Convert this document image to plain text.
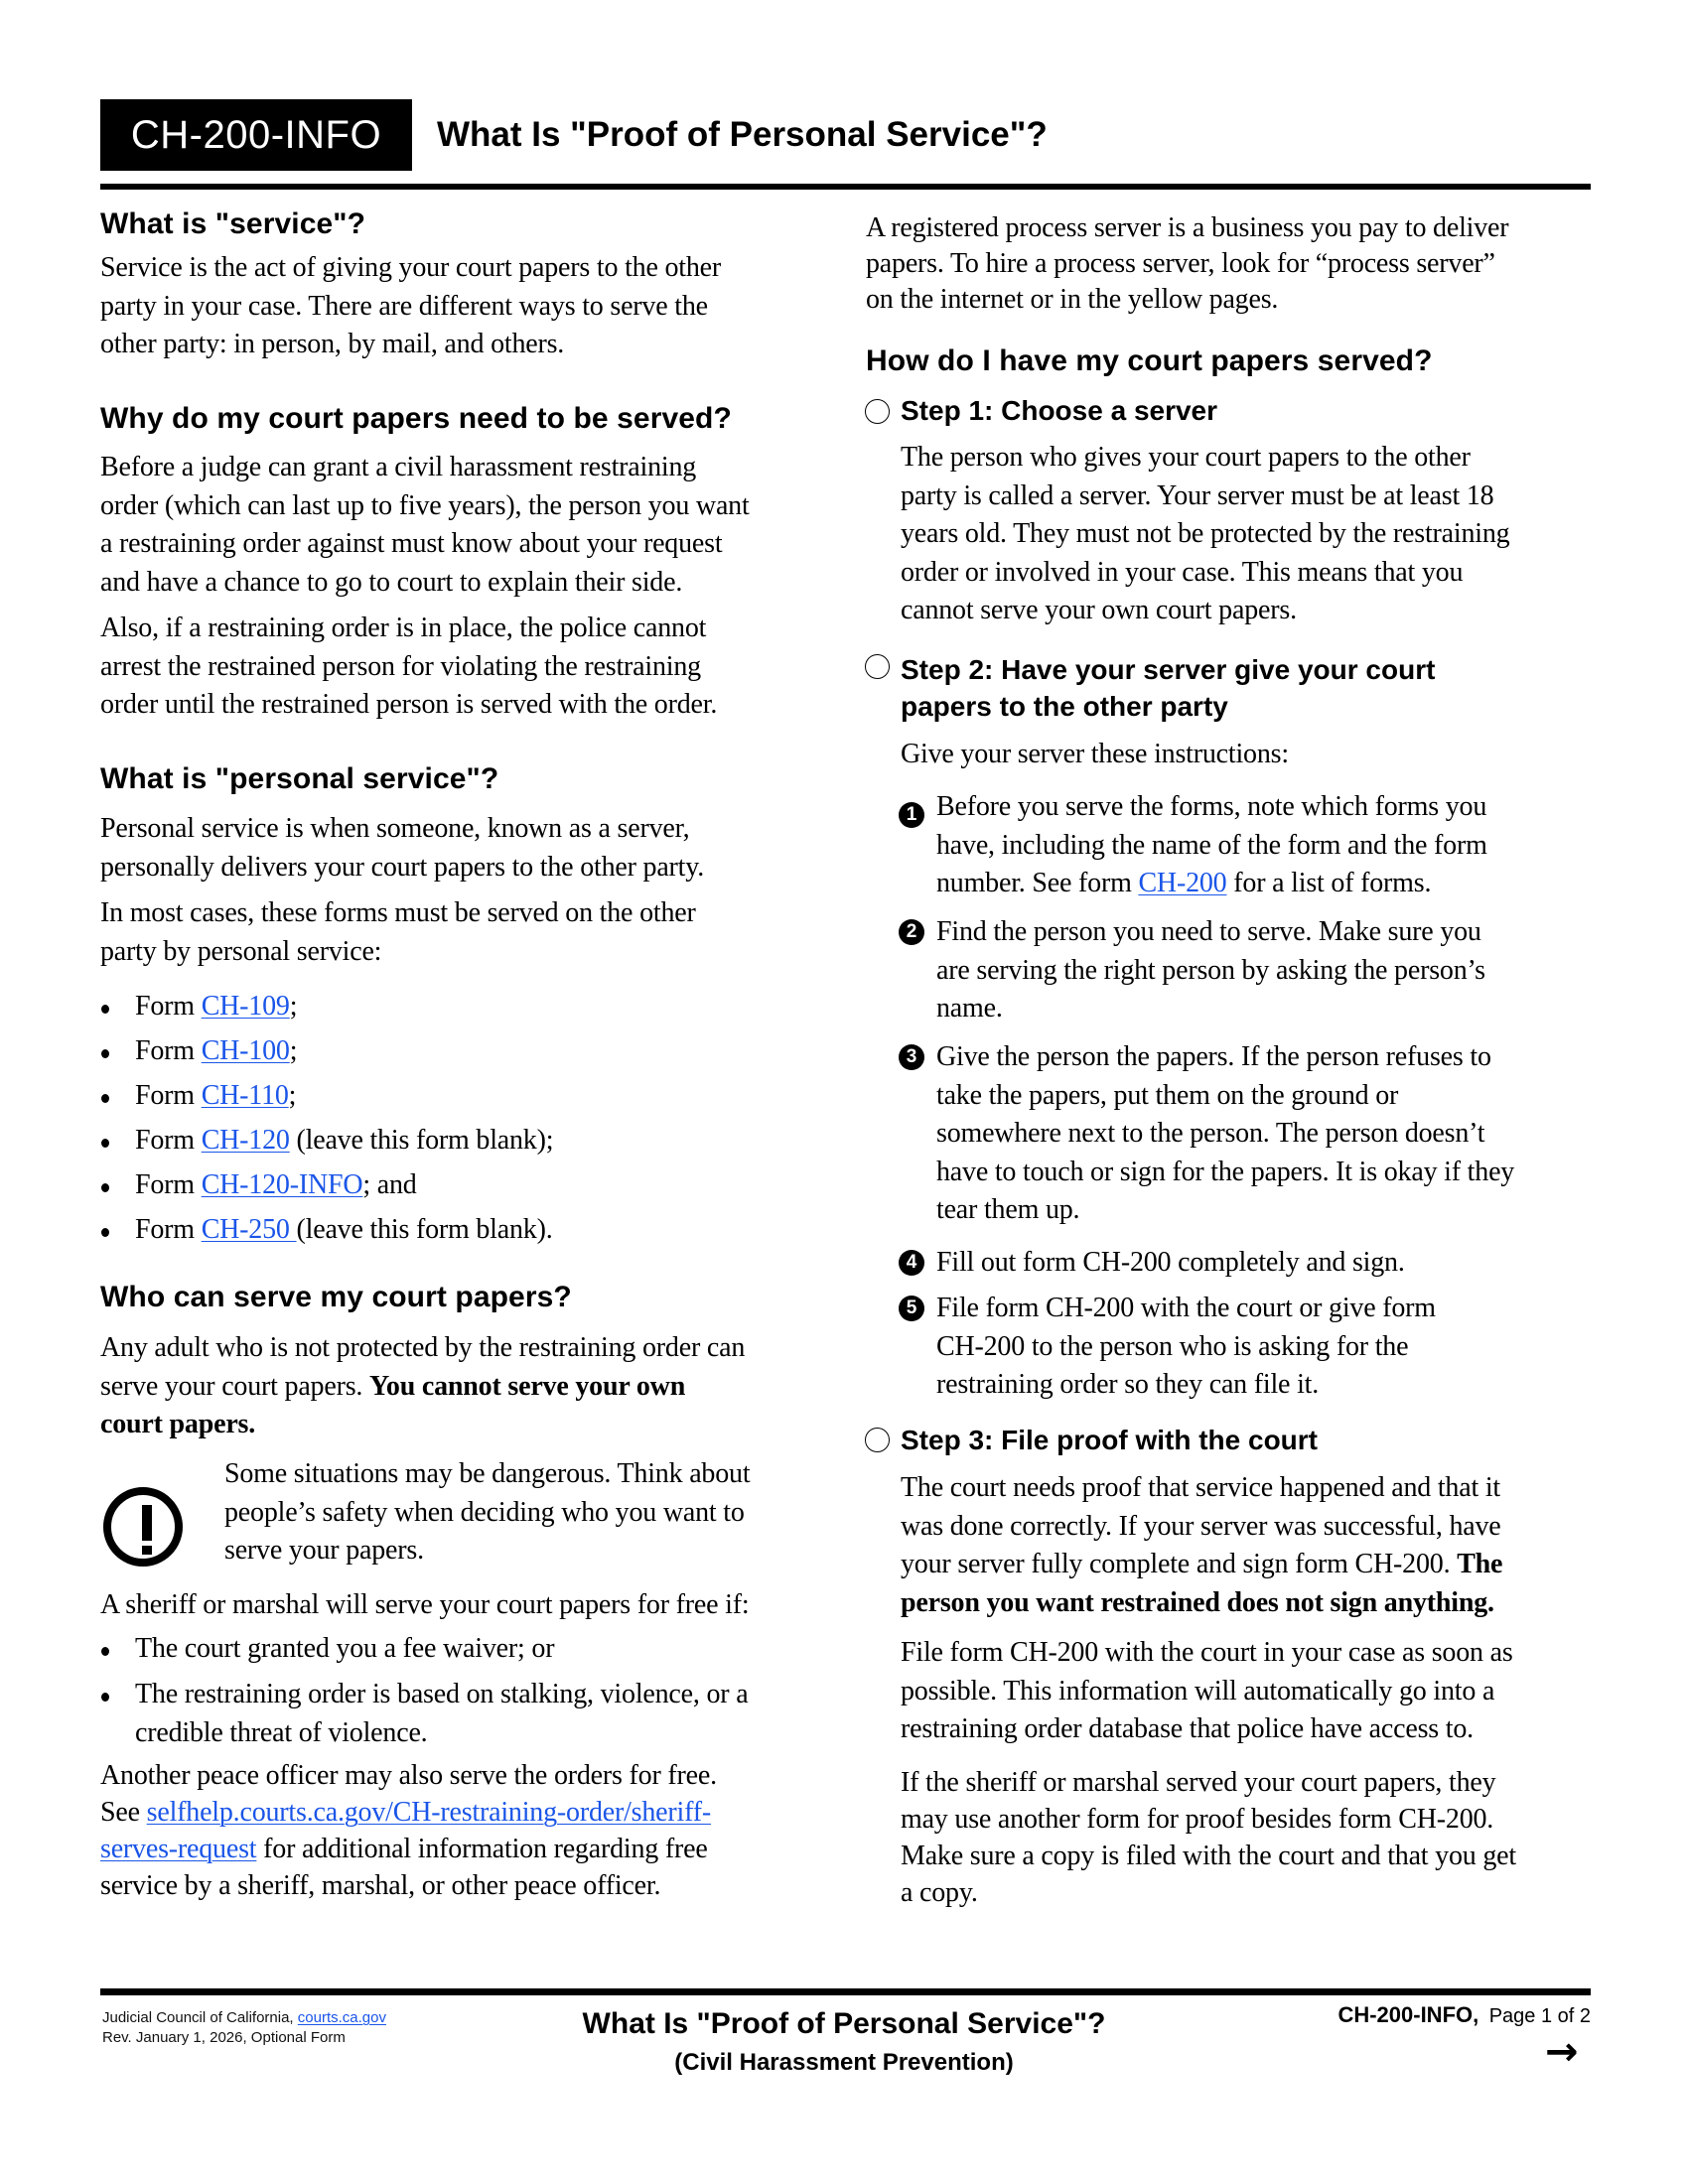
CH-200-INFO	What Is "Proof of Personal Service"?
What is "service"?
Service is the act of giving your court papers to the other
party in your case. There are different ways to serve the
other party: in person, by mail, and others.
Why do my court papers need to be served?
Before a judge can grant a civil harassment restraining
order (which can last up to five years), the person you want
a restraining order against must know about your request
and have a chance to go to court to explain their side.
Also, if a restraining order is in place, the police cannot
arrest the restrained person for violating the restraining
order until the restrained person is served with the order.
What is "personal service"?
Personal service is when someone, known as a server,
personally delivers your court papers to the other party.
In most cases, these forms must be served on the other
party by personal service:
Form CH-109;
Form CH-100;
Form CH-110;
Form CH-120 (leave this form blank);
Form CH-120-INFO; and
Form CH-250 (leave this form blank).
Who can serve my court papers?
Any adult who is not protected by the restraining order can
serve your court papers. You cannot serve your own
court papers.
Some situations may be dangerous. Think about
people’s safety when deciding who you want to
serve your papers.
A sheriff or marshal will serve your court papers for free if:
The court granted you a fee waiver; or
The restraining order is based on stalking, violence, or a
credible threat of violence.
Another peace officer may also serve the orders for free.
See selfhelp.courts.ca.gov/CH-restraining-order/sheriff-
serves-request for additional information regarding free
service by a sheriff, marshal, or other peace officer.
A registered process server is a business you pay to deliver
papers. To hire a process server, look for “process server”
on the internet or in the yellow pages.
How do I have my court papers served?
Step 1: Choose a server
The person who gives your court papers to the other
party is called a server. Your server must be at least 18
years old. They must not be protected by the restraining
order or involved in your case. This means that you
cannot serve your own court papers.
Step 2: Have your server give your court
papers to the other party
Give your server these instructions:
1 Before you serve the forms, note which forms you
have, including the name of the form and the form
number. See form CH-200 for a list of forms.
2 Find the person you need to serve. Make sure you
are serving the right person by asking the person’s
name.
3 Give the person the papers. If the person refuses to
take the papers, put them on the ground or
somewhere next to the person. The person doesn’t
have to touch or sign for the papers. It is okay if they
tear them up.
4 Fill out form CH-200 completely and sign.
5 File form CH-200 with the court or give form
CH-200 to the person who is asking for the
restraining order so they can file it.
Step 3: File proof with the court
The court needs proof that service happened and that it
was done correctly. If your server was successful, have
your server fully complete and sign form CH-200. The
person you want restrained does not sign anything.
File form CH-200 with the court in your case as soon as
possible. This information will automatically go into a
restraining order database that police have access to.
If the sheriff or marshal served your court papers, they
may use another form for proof besides form CH-200.
Make sure a copy is filed with the court and that you get
a copy.
Judicial Council of California, courts.ca.gov
Rev. January 1, 2026, Optional Form	What Is "Proof of Personal Service"?
(Civil Harassment Prevention)
CH-200-INFO, Page 1 of 2
→
